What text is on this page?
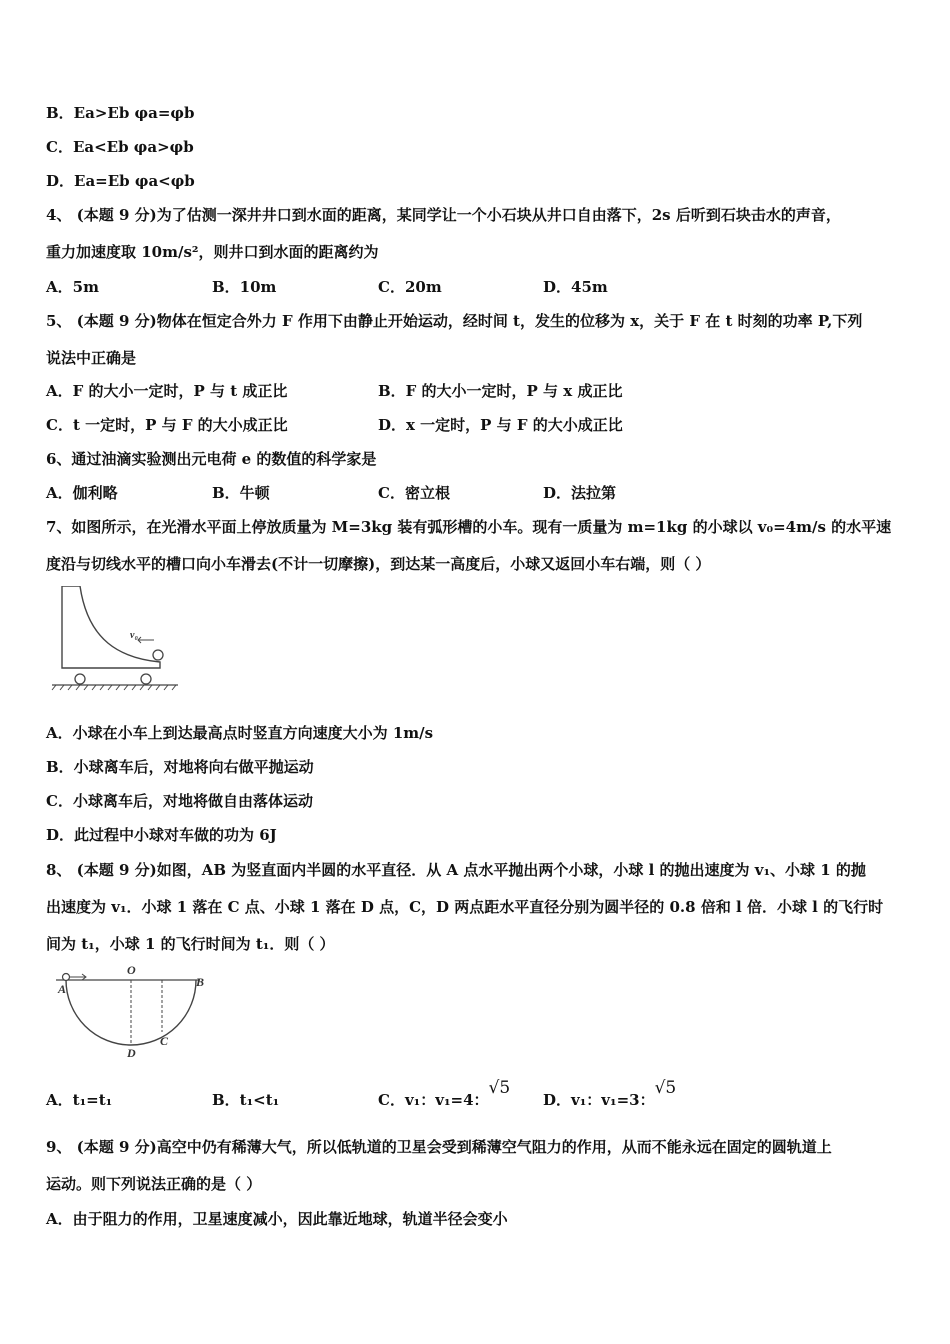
B．Ea>Eb φa=φb
C．Ea<Eb φa>φb
D．Ea=Eb φa<φb
4、 (本题 9 分)为了估测一深井井口到水面的距离，某同学让一个小石块从井口自由落下，2s 后听到石块击水的声音，
重力加速度取 10m/s²，则井口到水面的距离约为
A．5m	B．10m	C．20m	D．45m
5、 (本题 9 分)物体在恒定合外力 F 作用下由静止开始运动，经时间 t，发生的位移为 x，关于 F 在 t 时刻的功率 P,下列
说法中正确是
A．F 的大小一定时，P 与 t 成正比	B．F 的大小一定时，P 与 x 成正比
C．t 一定时，P 与 F 的大小成正比	D．x 一定时，P 与 F 的大小成正比
6、通过油滴实验测出元电荷 e 的数值的科学家是
A．伽利略	B．牛顿	C．密立根	D．法拉第
7、如图所示，在光滑水平面上停放质量为 M=3kg 装有弧形槽的小车。现有一质量为 m=1kg 的小球以 v₀=4m/s 的水平速
度沿与切线水平的槽口向小车滑去(不计一切摩擦)，到达某一高度后，小球又返回小车右端，则（ ）
v₀
A．小球在小车上到达最高点时竖直方向速度大小为 1m/s
B．小球离车后，对地将向右做平抛运动
C．小球离车后，对地将做自由落体运动
D．此过程中小球对车做的功为 6J
8、 (本题 9 分)如图，AB 为竖直面内半圆的水平直径．从 A 点水平抛出两个小球，小球 l 的抛出速度为 v₁、小球 1 的抛
出速度为 v₁．小球 1 落在 C 点、小球 1 落在 D 点，C，D 两点距水平直径分别为圆半径的 0.8 倍和 l 倍．小球 l 的飞行时
间为 t₁，小球 1 的飞行时间为 t₁．则（ ）
A
O
B
D
C
A．t₁=t₁	B．t₁<t₁	C．v₁：v₁=4：√5
D．v₁：v₁=3：√5
9、 (本题 9 分)高空中仍有稀薄大气，所以低轨道的卫星会受到稀薄空气阻力的作用，从而不能永远在固定的圆轨道上
运动。则下列说法正确的是（ ）
A．由于阻力的作用，卫星速度减小，因此靠近地球，轨道半径会变小
